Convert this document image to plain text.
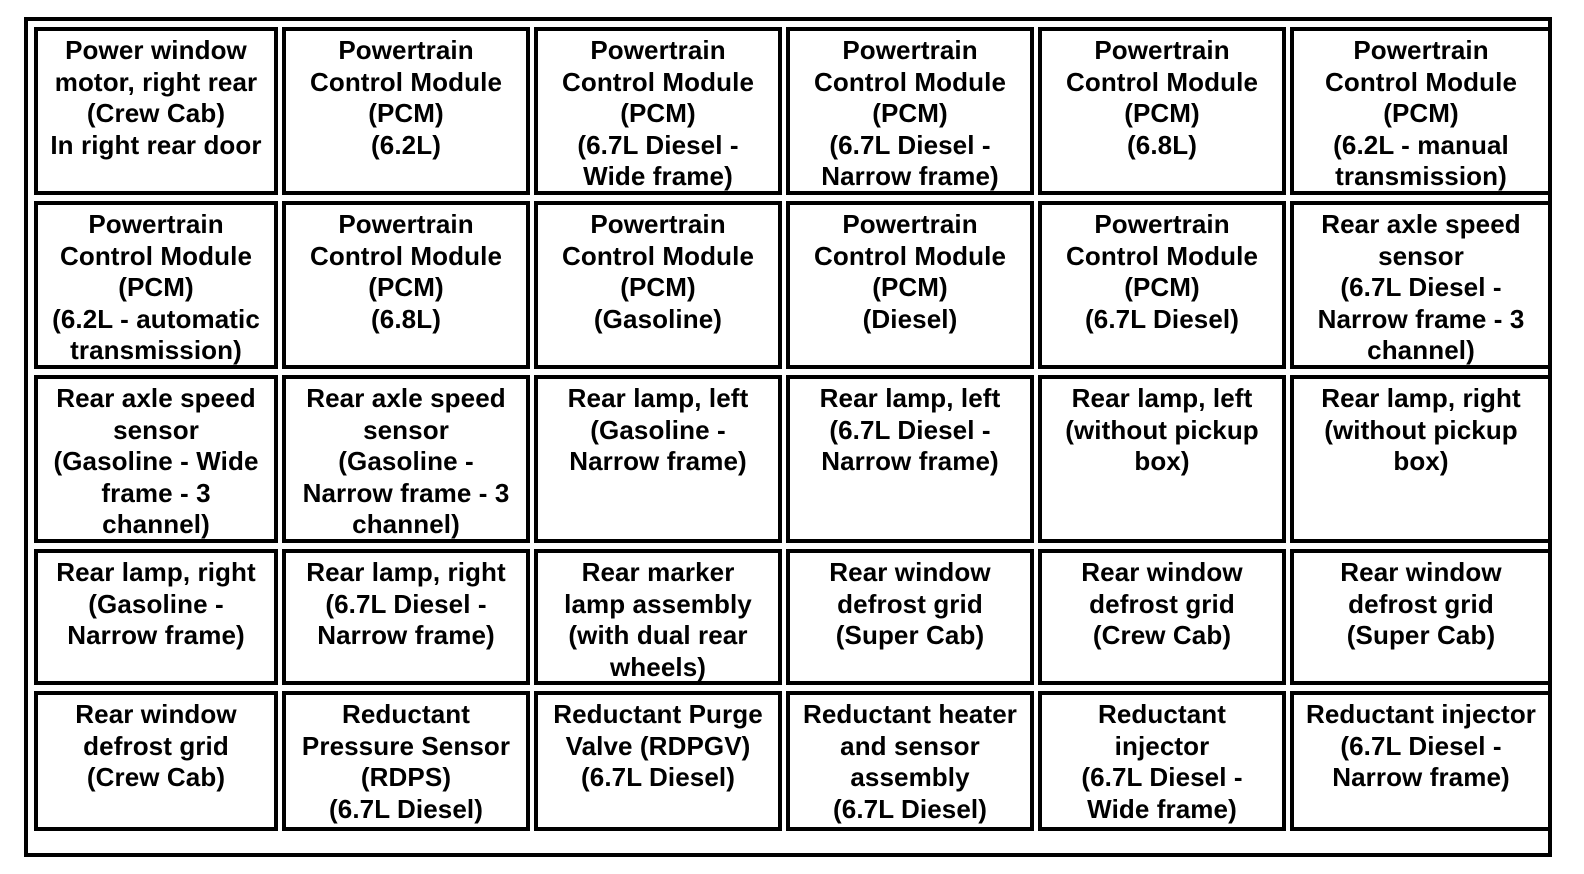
Power window
motor, right rear
(Crew Cab)
In right rear door
Powertrain
Control Module
(PCM)
(6.2L)
Powertrain
Control Module
(PCM)
(6.7L Diesel -
Wide frame)
Powertrain
Control Module
(PCM)
(6.7L Diesel -
Narrow frame)
Powertrain
Control Module
(PCM)
(6.8L)
Powertrain
Control Module
(PCM)
(6.2L - manual
transmission)
Powertrain
Control Module
(PCM)
(6.2L - automatic
transmission)
Powertrain
Control Module
(PCM)
(6.8L)
Powertrain
Control Module
(PCM)
(Gasoline)
Powertrain
Control Module
(PCM)
(Diesel)
Powertrain
Control Module
(PCM)
(6.7L Diesel)
Rear axle speed
sensor
(6.7L Diesel -
Narrow frame - 3
channel)
Rear axle speed
sensor
(Gasoline - Wide
frame - 3
channel)
Rear axle speed
sensor
(Gasoline -
Narrow frame - 3
channel)
Rear lamp, left
(Gasoline -
Narrow frame)
Rear lamp, left
(6.7L Diesel -
Narrow frame)
Rear lamp, left
(without pickup
box)
Rear lamp, right
(without pickup
box)
Rear lamp, right
(Gasoline -
Narrow frame)
Rear lamp, right
(6.7L Diesel -
Narrow frame)
Rear marker
lamp assembly
(with dual rear
wheels)
Rear window
defrost grid
(Super Cab)
Rear window
defrost grid
(Crew Cab)
Rear window
defrost grid
(Super Cab)
Rear window
defrost grid
(Crew Cab)
Reductant
Pressure Sensor
(RDPS)
(6.7L Diesel)
Reductant Purge
Valve (RDPGV)
(6.7L Diesel)
Reductant heater
and sensor
assembly
(6.7L Diesel)
Reductant
injector
(6.7L Diesel -
Wide frame)
Reductant injector
(6.7L Diesel -
Narrow frame)
